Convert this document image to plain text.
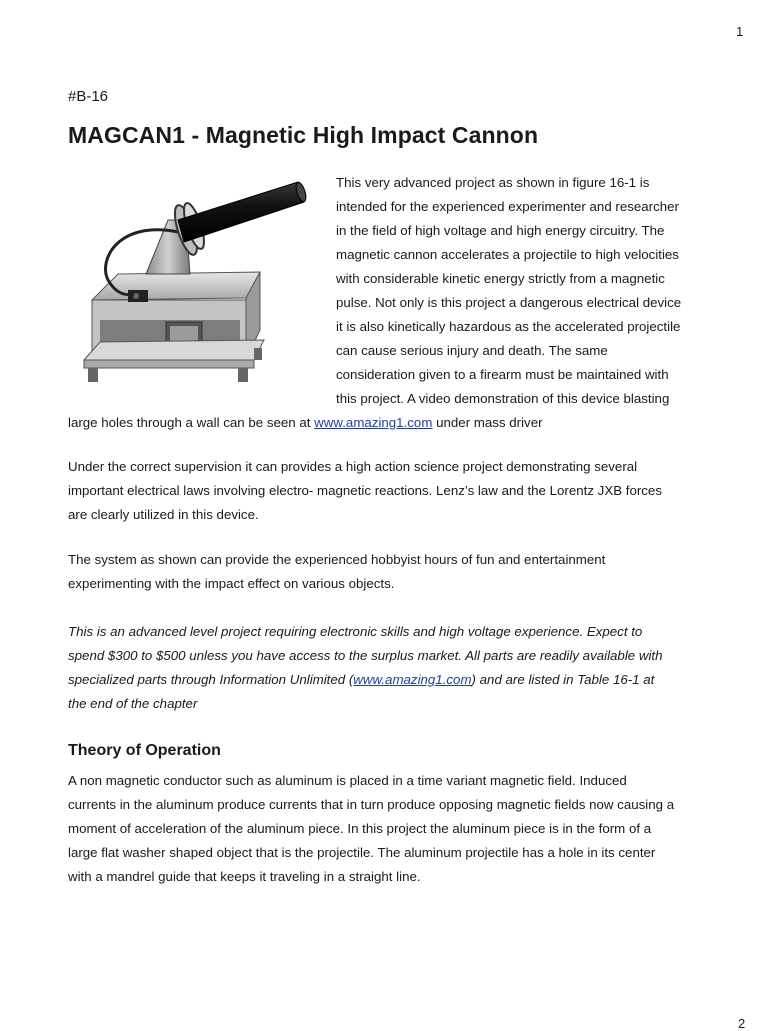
1
#B-16
MAGCAN1 - Magnetic High Impact Cannon
This very advanced project as shown in figure 16-1 is
intended for the experienced experimenter and researcher
in the field of high voltage and high energy circuitry. The
magnetic cannon accelerates a projectile to high velocities
with considerable kinetic energy strictly from a magnetic
pulse. Not only is this project a dangerous electrical device
it is also kinetically hazardous as the accelerated projectile
can cause serious injury and death. The same
consideration given to a firearm must be maintained with
this project. A video demonstration of this device blasting
large holes through a wall can be seen at www.amazing1.com under mass driver
Under the correct supervision it can provides a high action science project demonstrating several
important electrical laws involving electro- magnetic reactions. Lenz’s law and the Lorentz JXB forces
are clearly utilized in this device.
The system as shown can provide the experienced hobbyist hours of fun and entertainment
experimenting with the impact effect on various objects.
This is an advanced level project requiring electronic skills and high voltage experience. Expect to
spend $300 to $500 unless you have access to the surplus market. All parts are readily available with
specialized parts through Information Unlimited (www.amazing1.com) and are listed in Table 16-1 at
the end of the chapter
Theory of Operation
A non magnetic conductor such as aluminum is placed in a time variant magnetic field. Induced
currents in the aluminum produce currents that in turn produce opposing magnetic fields now causing a
moment of acceleration of the aluminum piece. In this project the aluminum piece is in the form of a
large flat washer shaped object that is the projectile. The aluminum projectile has a hole in its center
with a mandrel guide that keeps it traveling in a straight line.
2
